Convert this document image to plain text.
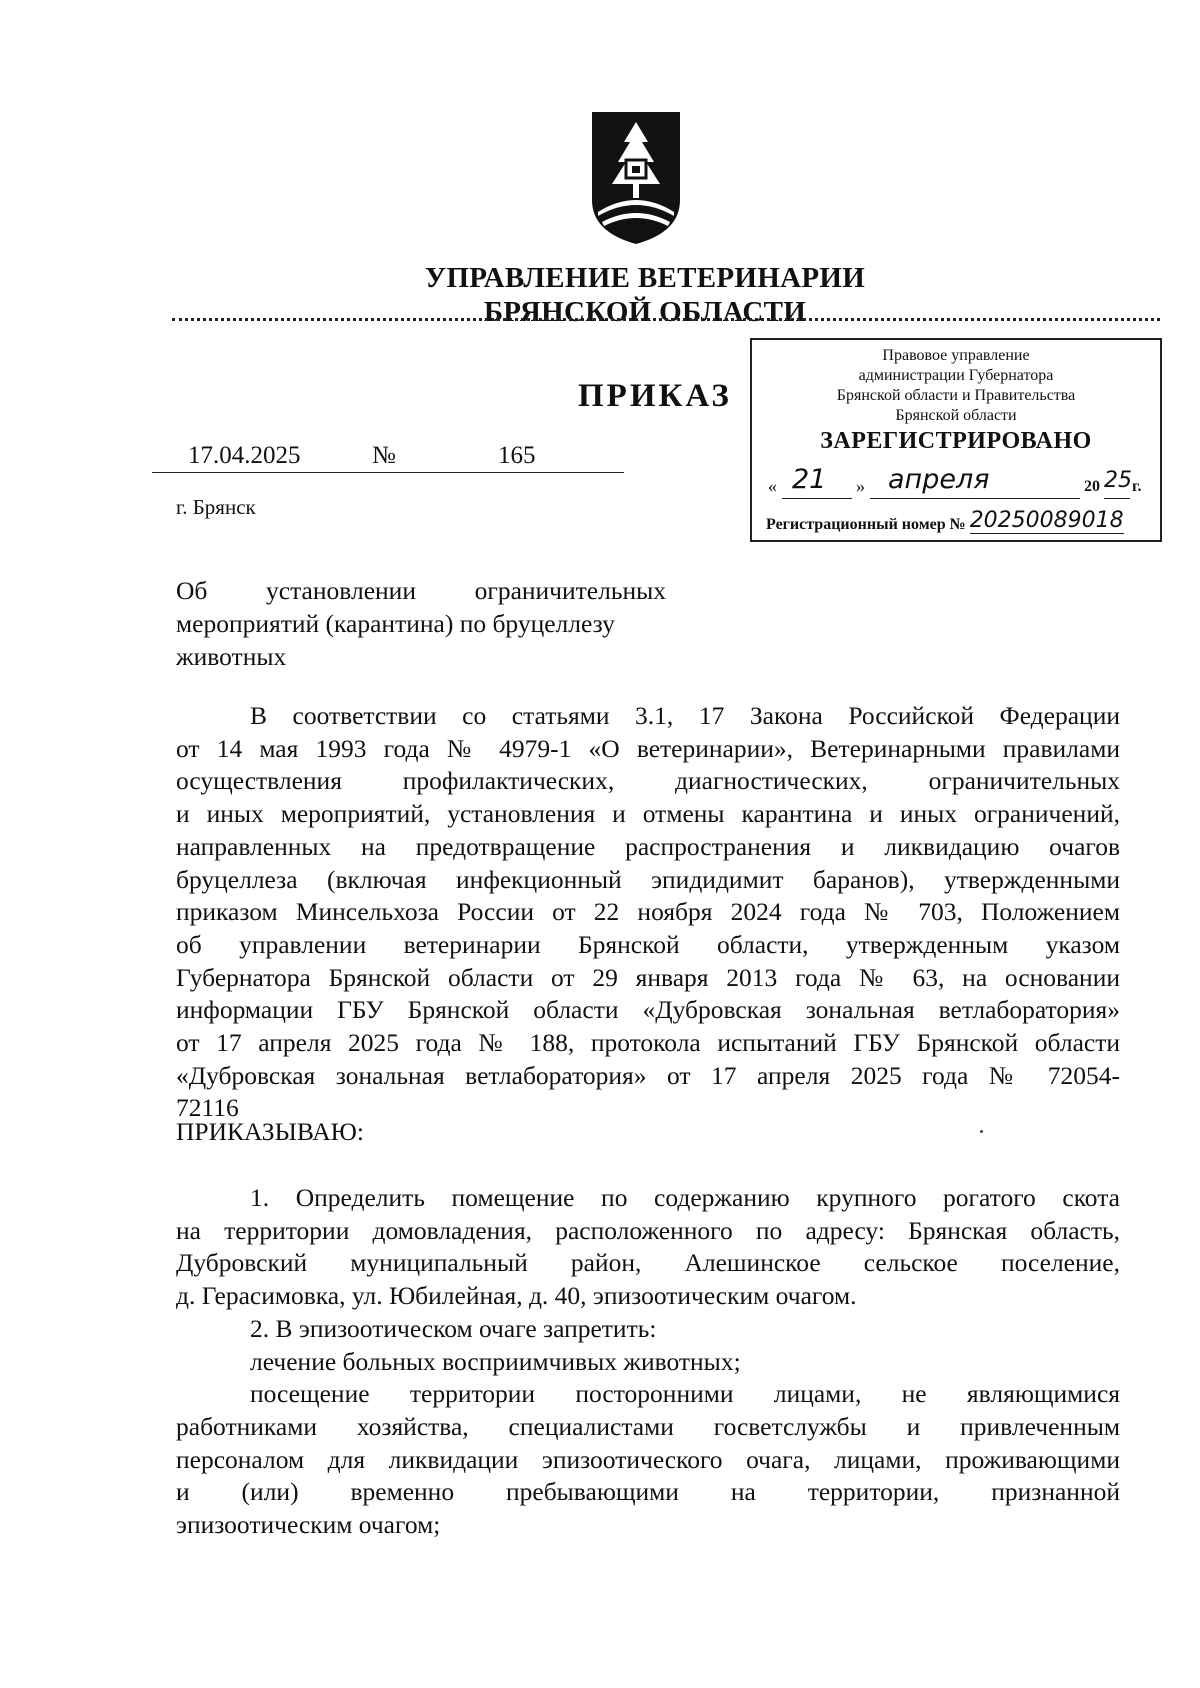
УПРАВЛЕНИЕ ВЕТЕРИНАРИИ
БРЯНСКОЙ ОБЛАСТИ
ПРИКАЗ
17.04.2025	№	165
г. Брянск
Правовое управление
администрации Губернатора
Брянской области и Правительства
Брянской области
ЗАРЕГИСТРИРОВАНО
« 21 » апреля	20 25 г.
Регистрационный номер № 20250089018
Об установлении ограничительных
мероприятий (карантина) по бруцеллезу
животных
В соответствии со статьями 3.1, 17 Закона Российской Федерации
от 14 мая 1993 года № 4979-1 «О ветеринарии», Ветеринарными правилами
осуществления профилактических, диагностических, ограничительных
и иных мероприятий, установления и отмены карантина и иных ограничений,
направленных на предотвращение распространения и ликвидацию очагов
бруцеллеза (включая инфекционный эпидидимит баранов), утвержденными
приказом Минсельхоза России от 22 ноября 2024 года № 703, Положением
об управлении ветеринарии Брянской области, утвержденным указом
Губернатора Брянской области от 29 января 2013 года № 63, на основании
информации ГБУ Брянской области «Дубровская зональная ветлаборатория»
от 17 апреля 2025 года № 188, протокола испытаний ГБУ Брянской области
«Дубровская зональная ветлаборатория» от 17 апреля 2025 года № 72054-
72116
ПРИКАЗЫВАЮ:
1. Определить помещение по содержанию крупного рогатого скота
на территории домовладения, расположенного по адресу: Брянская область,
Дубровский муниципальный район, Алешинское сельское поселение,
д. Герасимовка, ул. Юбилейная, д. 40, эпизоотическим очагом.
2. В эпизоотическом очаге запретить:
лечение больных восприимчивых животных;
посещение территории посторонними лицами, не являющимися
работниками хозяйства, специалистами госветслужбы и привлеченным
персоналом для ликвидации эпизоотического очага, лицами, проживающими
и (или) временно пребывающими на территории, признанной
эпизоотическим очагом;
